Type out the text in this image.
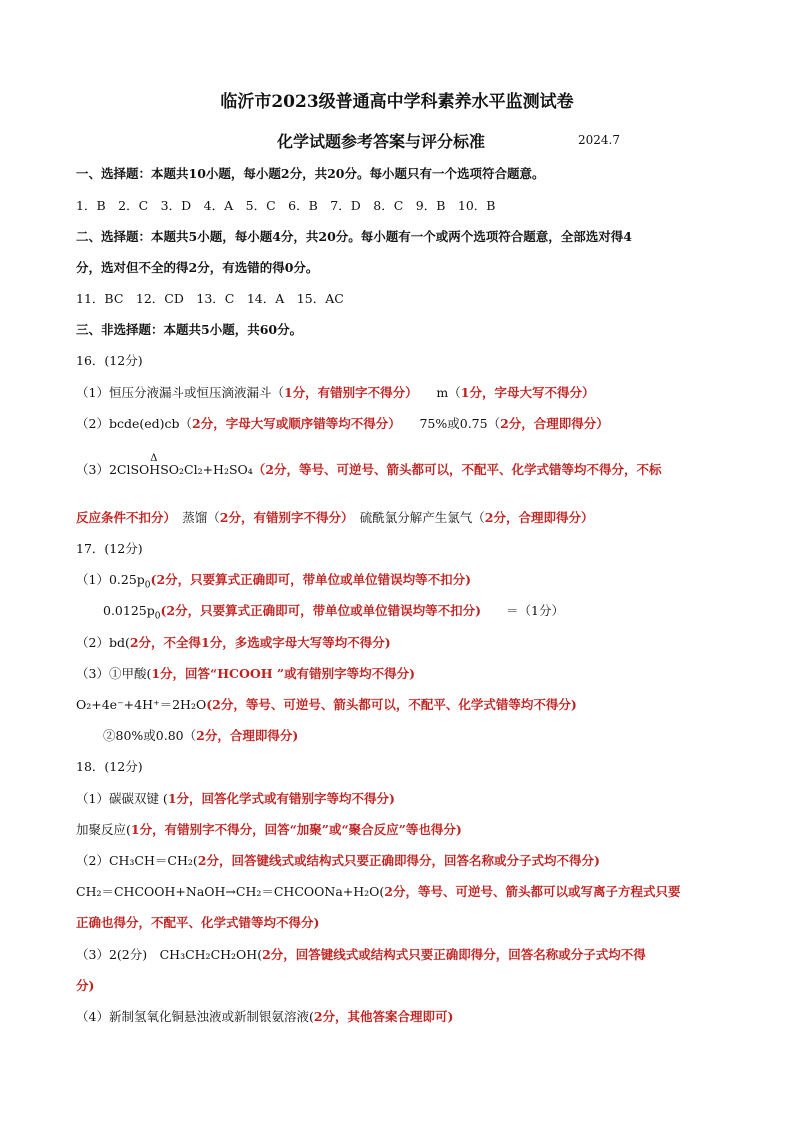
临沂市2023级普通高中学科素养水平监测试卷
化学试题参考答案与评分标准	2024.7
一、选择题：本题共10小题，每小题2分，共20分。每小题只有一个选项符合题意。
1．B　2．C　3．D　4．A　5．C　6．B　7．D　8．C　9．B　10．B
二、选择题：本题共5小题，每小题4分，共20分。每小题有一个或两个选项符合题意，全部选对得4
分，选对但不全的得2分，有选错的得0分。
11．BC　12．CD　13．C　14．A　15．AC
三、非选择题：本题共5小题，共60分。
16．(12分)
（1）恒压分液漏斗或恒压滴液漏斗（1分，有错别字不得分）　　m（1分，字母大写不得分）
（2）bcde(ed)cb（2分，字母大写或顺序错等均不得分）　　75%或0.75（2分，合理即得分）
（3）2ClSO
Δ
HSO₂Cl₂+H₂SO₄（2分，等号、可逆号、箭头都可以，不配平、化学式错等均不得分，不标
反应条件不扣分）　蒸馏（2分，有错别字不得分）　硫酰氯分解产生氯气（2分，合理即得分）
17．(12分)
$(1)0.25p_0(2$分，只要算式正确即可，带单位或单位错误均等不扣分)
$0.0125p_0(2$分，只要算式正确即可，带单位或单位错误均等不扣分)　　＝（1分）
（2）bd(2分，不全得1分，多选或字母大写等均不得分)
（3）①甲酸(1分，回答“HCOOH ”或有错别字等均不得分)
O₂+4e⁻+4H⁺＝2H₂O(2分，等号、可逆号、箭头都可以，不配平、化学式错等均不得分)
②80%或0.80（2分，合理即得分)
18．(12分)
（1）碳碳双键 (1分，回答化学式或有错别字等均不得分)
加聚反应(1分，有错别字不得分，回答“加聚”或“聚合反应”等也得分)
（2）CH₃CH＝CH₂(2分，回答键线式或结构式只要正确即得分，回答名称或分子式均不得分)
CH₂＝CHCOOH+NaOH→CH₂＝CHCOONa+H₂O(2分，等号、可逆号、箭头都可以或写离子方程式只要
正确也得分，不配平、化学式错等均不得分)
（3）2(2分)　CH₃CH₂CH₂OH(2分，回答键线式或结构式只要正确即得分，回答名称或分子式均不得
分)
（4）新制氢氧化铜悬浊液或新制银氨溶液(2分，其他答案合理即可)
